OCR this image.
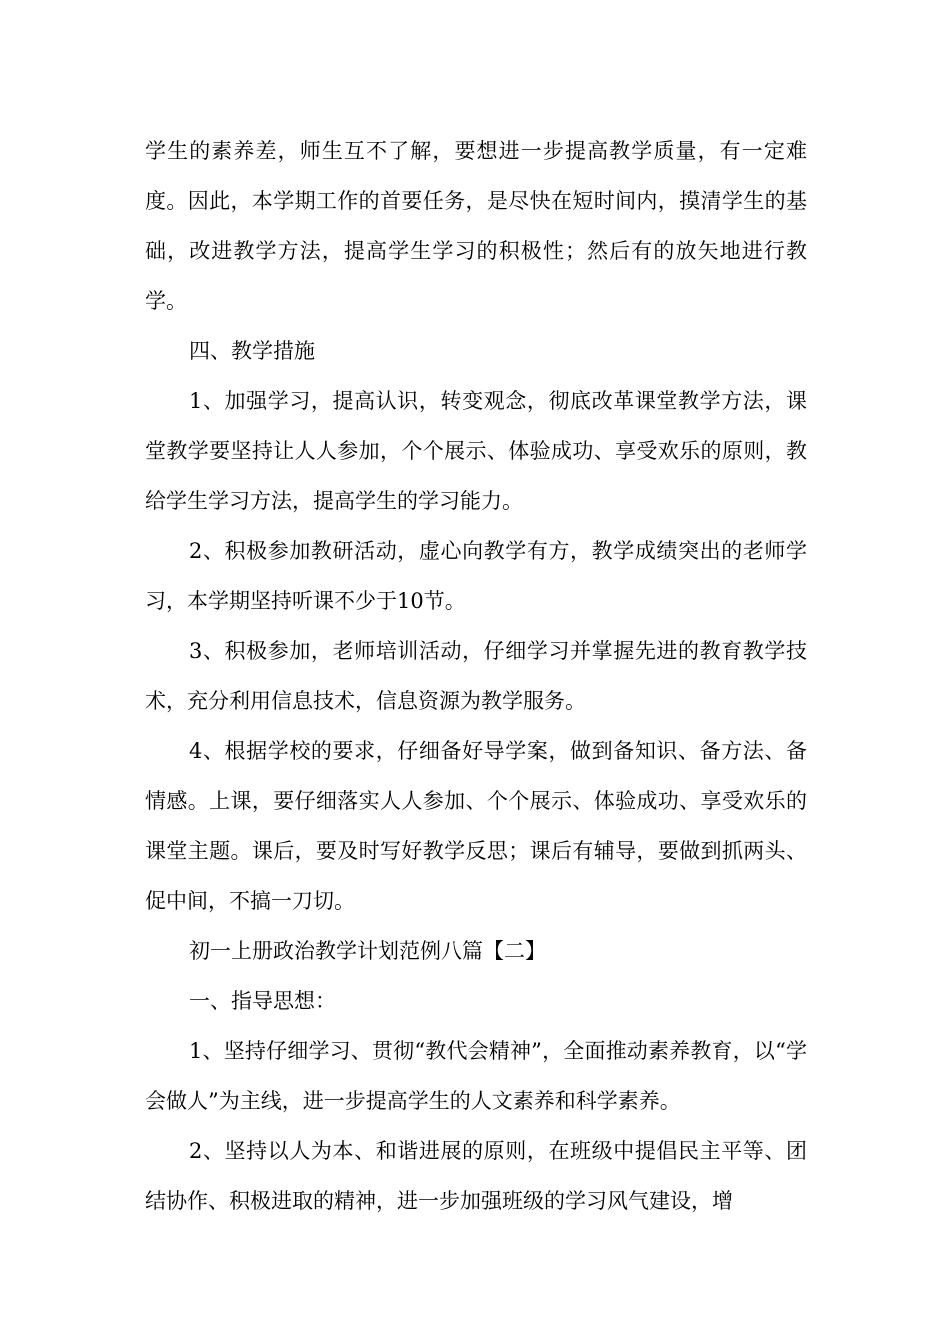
学生的素养差，师生互不了解，要想进一步提高教学质量，有一定难度。因此，本学期工作的首要任务，是尽快在短时间内，摸清学生的基础，改进教学方法，提高学生学习的积极性；然后有的放矢地进行教学。

四、教学措施

1、加强学习，提高认识，转变观念，彻底改革课堂教学方法，课堂教学要坚持让人人参加，个个展示、体验成功、享受欢乐的原则，教给学生学习方法，提高学生的学习能力。

2、积极参加教研活动，虚心向教学有方，教学成绩突出的老师学习，本学期坚持听课不少于10节。

3、积极参加，老师培训活动，仔细学习并掌握先进的教育教学技术，充分利用信息技术，信息资源为教学服务。

4、根据学校的要求，仔细备好导学案，做到备知识、备方法、备情感。上课，要仔细落实人人参加、个个展示、体验成功、享受欢乐的课堂主题。课后，要及时写好教学反思；课后有辅导，要做到抓两头、促中间，不搞一刀切。

初一上册政治教学计划范例八篇【二】

一、指导思想：

1、坚持仔细学习、贯彻“教代会精神”，全面推动素养教育，以“学会做人”为主线，进一步提高学生的人文素养和科学素养。

2、坚持以人为本、和谐进展的原则，在班级中提倡民主平等、团结协作、积极进取的精神，进一步加强班级的学习风气建设，增
